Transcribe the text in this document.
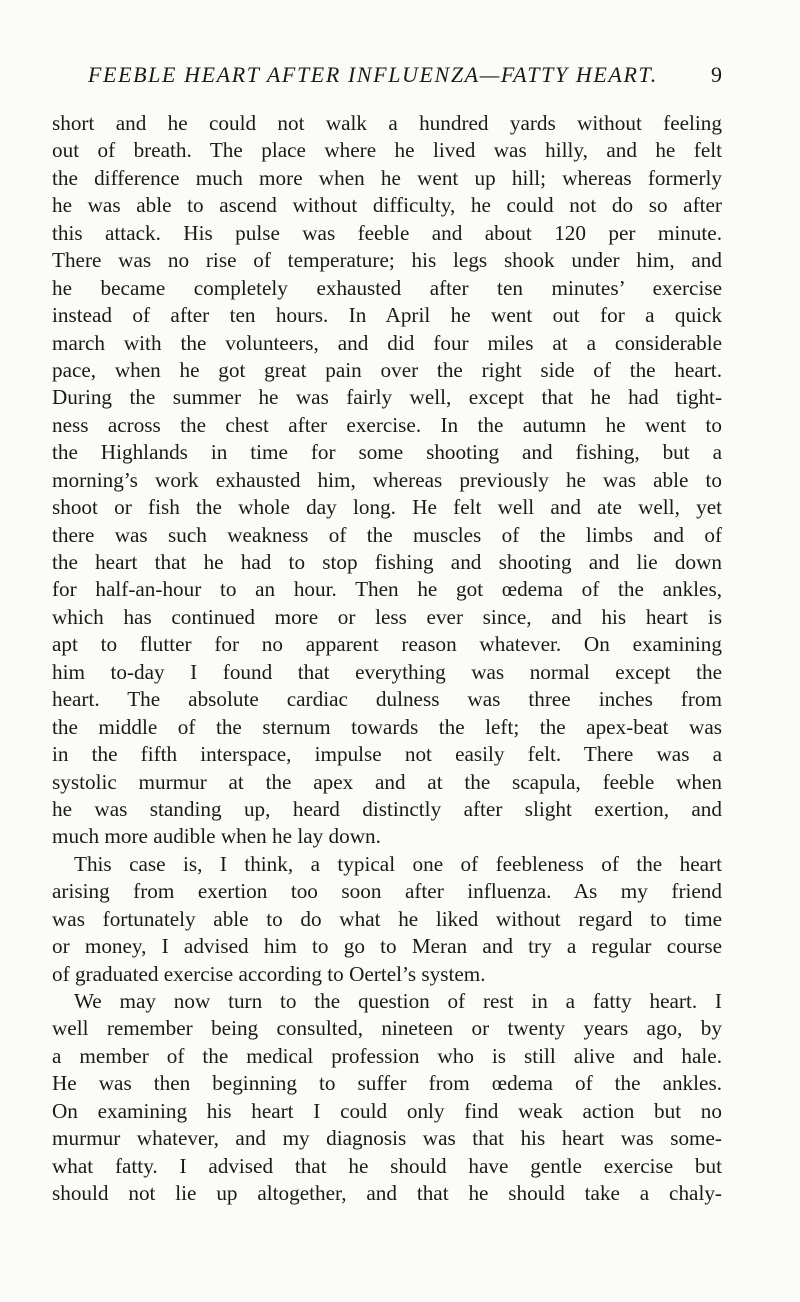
FEEBLE HEART AFTER INFLUENZA—FATTY HEART. 9
short and he could not walk a hundred yards without feeling
out of breath. The place where he lived was hilly, and he felt
the difference much more when he went up hill; whereas formerly
he was able to ascend without difficulty, he could not do so after
this attack. His pulse was feeble and about 120 per minute.
There was no rise of temperature; his legs shook under him, and
he became completely exhausted after ten minutes’ exercise
instead of after ten hours. In April he went out for a quick
march with the volunteers, and did four miles at a considerable
pace, when he got great pain over the right side of the heart.
During the summer he was fairly well, except that he had tight-
ness across the chest after exercise. In the autumn he went to
the Highlands in time for some shooting and fishing, but a
morning’s work exhausted him, whereas previously he was able to
shoot or fish the whole day long. He felt well and ate well, yet
there was such weakness of the muscles of the limbs and of
the heart that he had to stop fishing and shooting and lie down
for half-an-hour to an hour. Then he got œdema of the ankles,
which has continued more or less ever since, and his heart is
apt to flutter for no apparent reason whatever. On examining
him to-day I found that everything was normal except the
heart. The absolute cardiac dulness was three inches from
the middle of the sternum towards the left; the apex-beat was
in the fifth interspace, impulse not easily felt. There was a
systolic murmur at the apex and at the scapula, feeble when
he was standing up, heard distinctly after slight exertion, and
much more audible when he lay down.
This case is, I think, a typical one of feebleness of the heart
arising from exertion too soon after influenza. As my friend
was fortunately able to do what he liked without regard to time
or money, I advised him to go to Meran and try a regular course
of graduated exercise according to Oertel’s system.
We may now turn to the question of rest in a fatty heart. I
well remember being consulted, nineteen or twenty years ago, by
a member of the medical profession who is still alive and hale.
He was then beginning to suffer from œdema of the ankles.
On examining his heart I could only find weak action but no
murmur whatever, and my diagnosis was that his heart was some-
what fatty. I advised that he should have gentle exercise but
should not lie up altogether, and that he should take a chaly-
